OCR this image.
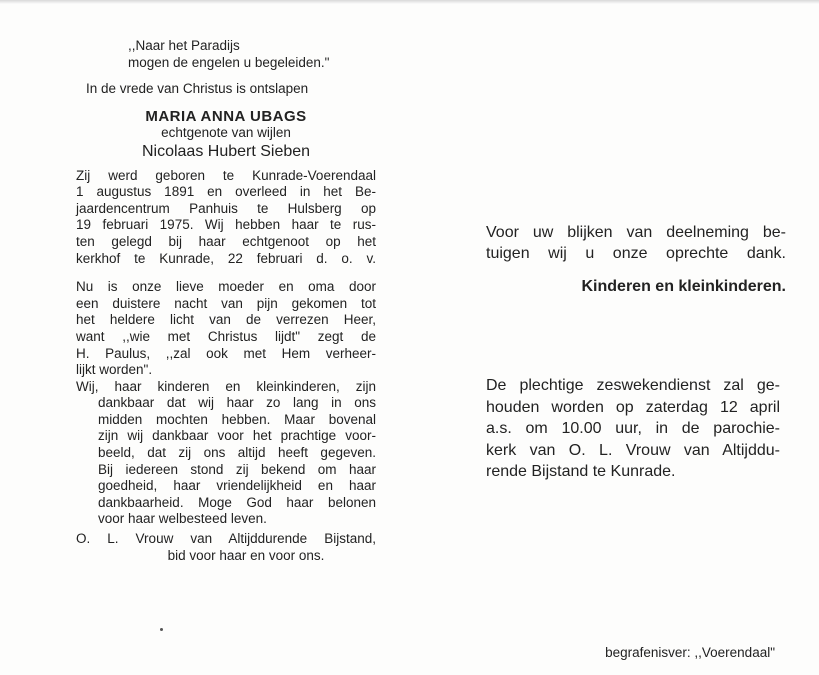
,,Naar het Paradijs
mogen de engelen u begeleiden."
In de vrede van Christus is ontslapen
MARIA ANNA UBAGS
echtgenote van wijlen
Nicolaas Hubert Sieben
Zij werd geboren te Kunrade-Voerendaal
1 augustus 1891 en overleed in het Be-
jaardencentrum Panhuis te Hulsberg op
19 februari 1975. Wij hebben haar te rus-
ten gelegd bij haar echtgenoot op het
kerkhof te Kunrade, 22 februari d. o. v.
Nu is onze lieve moeder en oma door
een duistere nacht van pijn gekomen tot
het heldere licht van de verrezen Heer,
want ,,wie met Christus lijdt" zegt de
H. Paulus, ,,zal ook met Hem verheer-
lijkt worden".
Wij, haar kinderen en kleinkinderen, zijn
dankbaar dat wij haar zo lang in ons
midden mochten hebben. Maar bovenal
zijn wij dankbaar voor het prachtige voor-
beeld, dat zij ons altijd heeft gegeven.
Bij iedereen stond zij bekend om haar
goedheid, haar vriendelijkheid en haar
dankbaarheid. Moge God haar belonen
voor haar welbesteed leven.
O. L. Vrouw van Altijddurende Bijstand,
bid voor haar en voor ons.
Voor uw blijken van deelneming be-
tuigen wij u onze oprechte dank.
Kinderen en kleinkinderen.
De plechtige zeswekendienst zal ge-
houden worden op zaterdag 12 april
a.s. om 10.00 uur, in de parochie-
kerk van O. L. Vrouw van Altijddu-
rende Bijstand te Kunrade.
begrafenisver: ,,Voerendaal"
